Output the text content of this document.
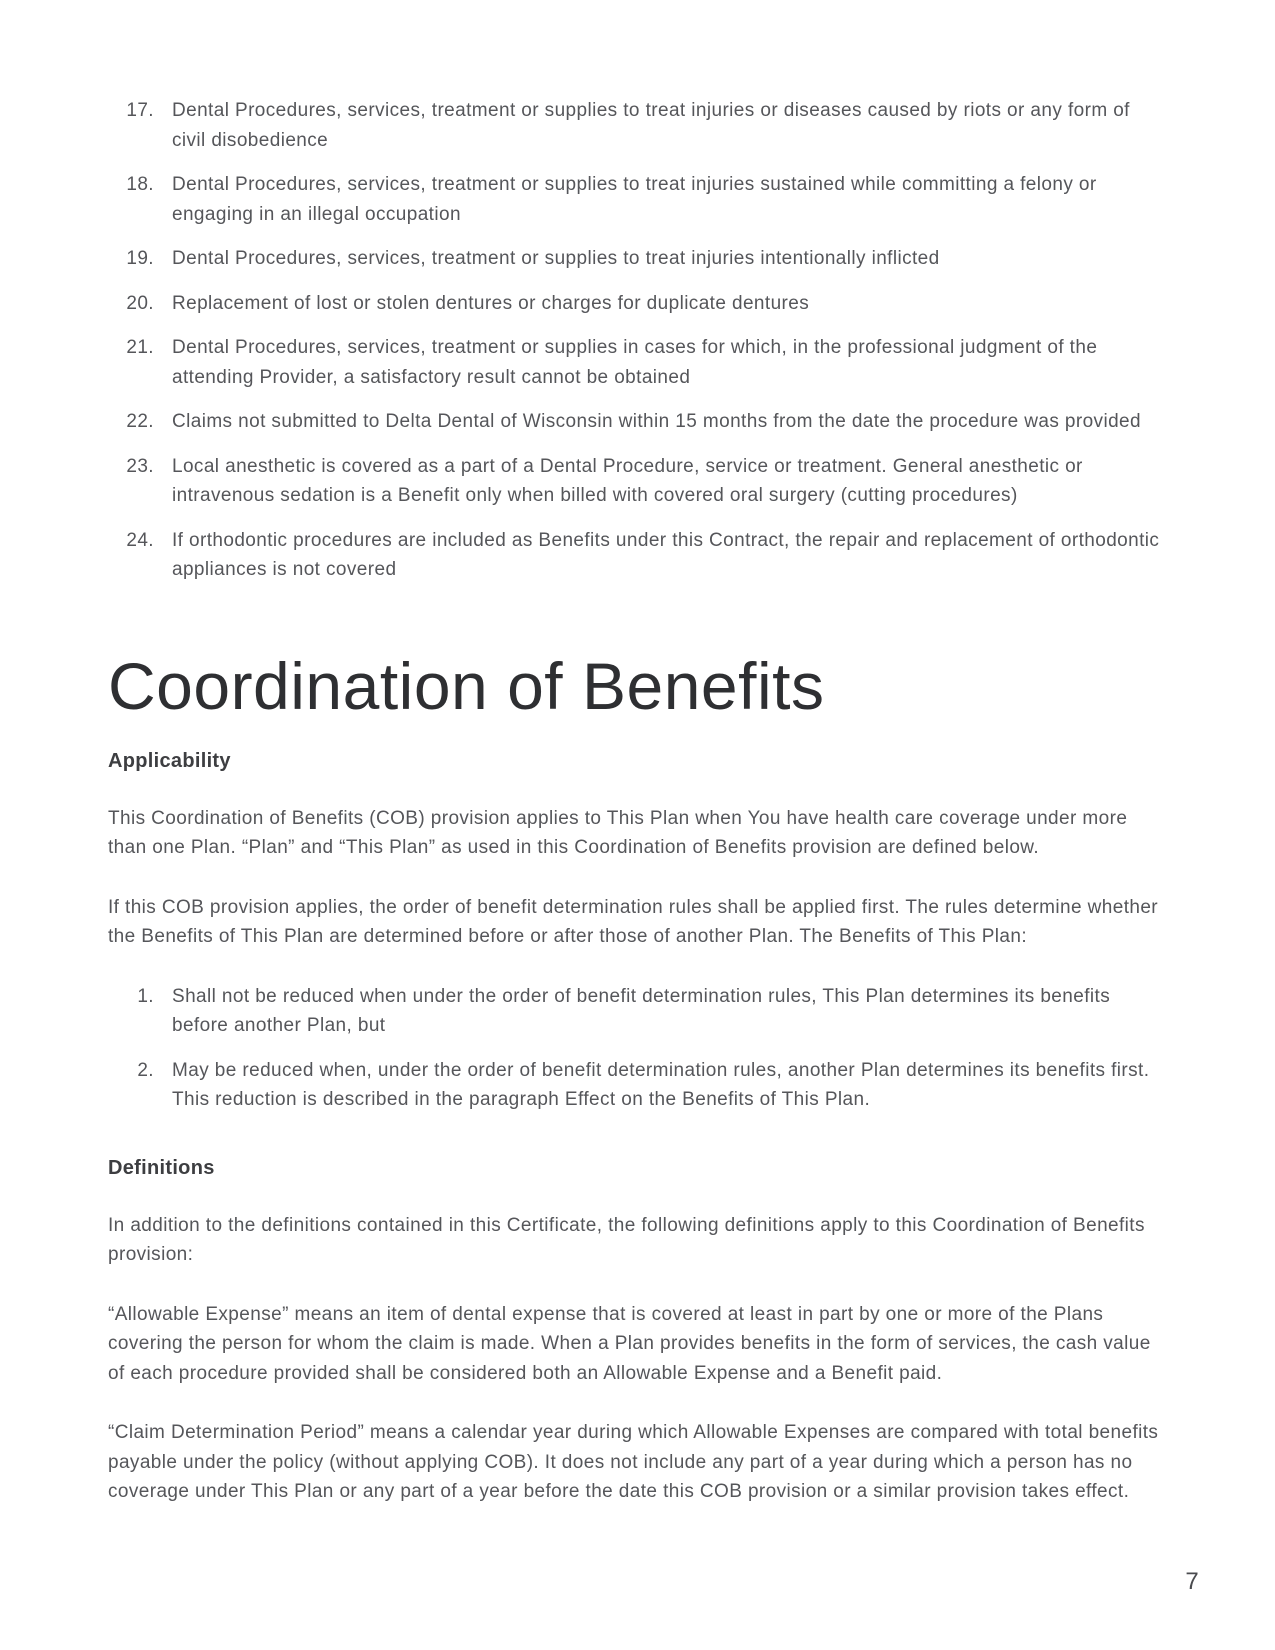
17. Dental Procedures, services, treatment or supplies to treat injuries or diseases caused by riots or any form of civil disobedience
18. Dental Procedures, services, treatment or supplies to treat injuries sustained while committing a felony or engaging in an illegal occupation
19. Dental Procedures, services, treatment or supplies to treat injuries intentionally inflicted
20. Replacement of lost or stolen dentures or charges for duplicate dentures
21. Dental Procedures, services, treatment or supplies in cases for which, in the professional judgment of the attending Provider, a satisfactory result cannot be obtained
22. Claims not submitted to Delta Dental of Wisconsin within 15 months from the date the procedure was provided
23. Local anesthetic is covered as a part of a Dental Procedure, service or treatment. General anesthetic or intravenous sedation is a Benefit only when billed with covered oral surgery (cutting procedures)
24. If orthodontic procedures are included as Benefits under this Contract, the repair and replacement of orthodontic appliances is not covered
Coordination of Benefits
Applicability

This Coordination of Benefits (COB) provision applies to This Plan when You have health care coverage under more than one Plan. “Plan” and “This Plan” as used in this Coordination of Benefits provision are defined below.

If this COB provision applies, the order of benefit determination rules shall be applied first. The rules determine whether the Benefits of This Plan are determined before or after those of another Plan. The Benefits of This Plan:

1. Shall not be reduced when under the order of benefit determination rules, This Plan determines its benefits before another Plan, but
2. May be reduced when, under the order of benefit determination rules, another Plan determines its benefits first. This reduction is described in the paragraph Effect on the Benefits of This Plan.
Definitions

In addition to the definitions contained in this Certificate, the following definitions apply to this Coordination of Benefits provision:

“Allowable Expense” means an item of dental expense that is covered at least in part by one or more of the Plans covering the person for whom the claim is made. When a Plan provides benefits in the form of services, the cash value of each procedure provided shall be considered both an Allowable Expense and a Benefit paid.

“Claim Determination Period” means a calendar year during which Allowable Expenses are compared with total benefits payable under the policy (without applying COB). It does not include any part of a year during which a person has no coverage under This Plan or any part of a year before the date this COB provision or a similar provision takes effect.

7
